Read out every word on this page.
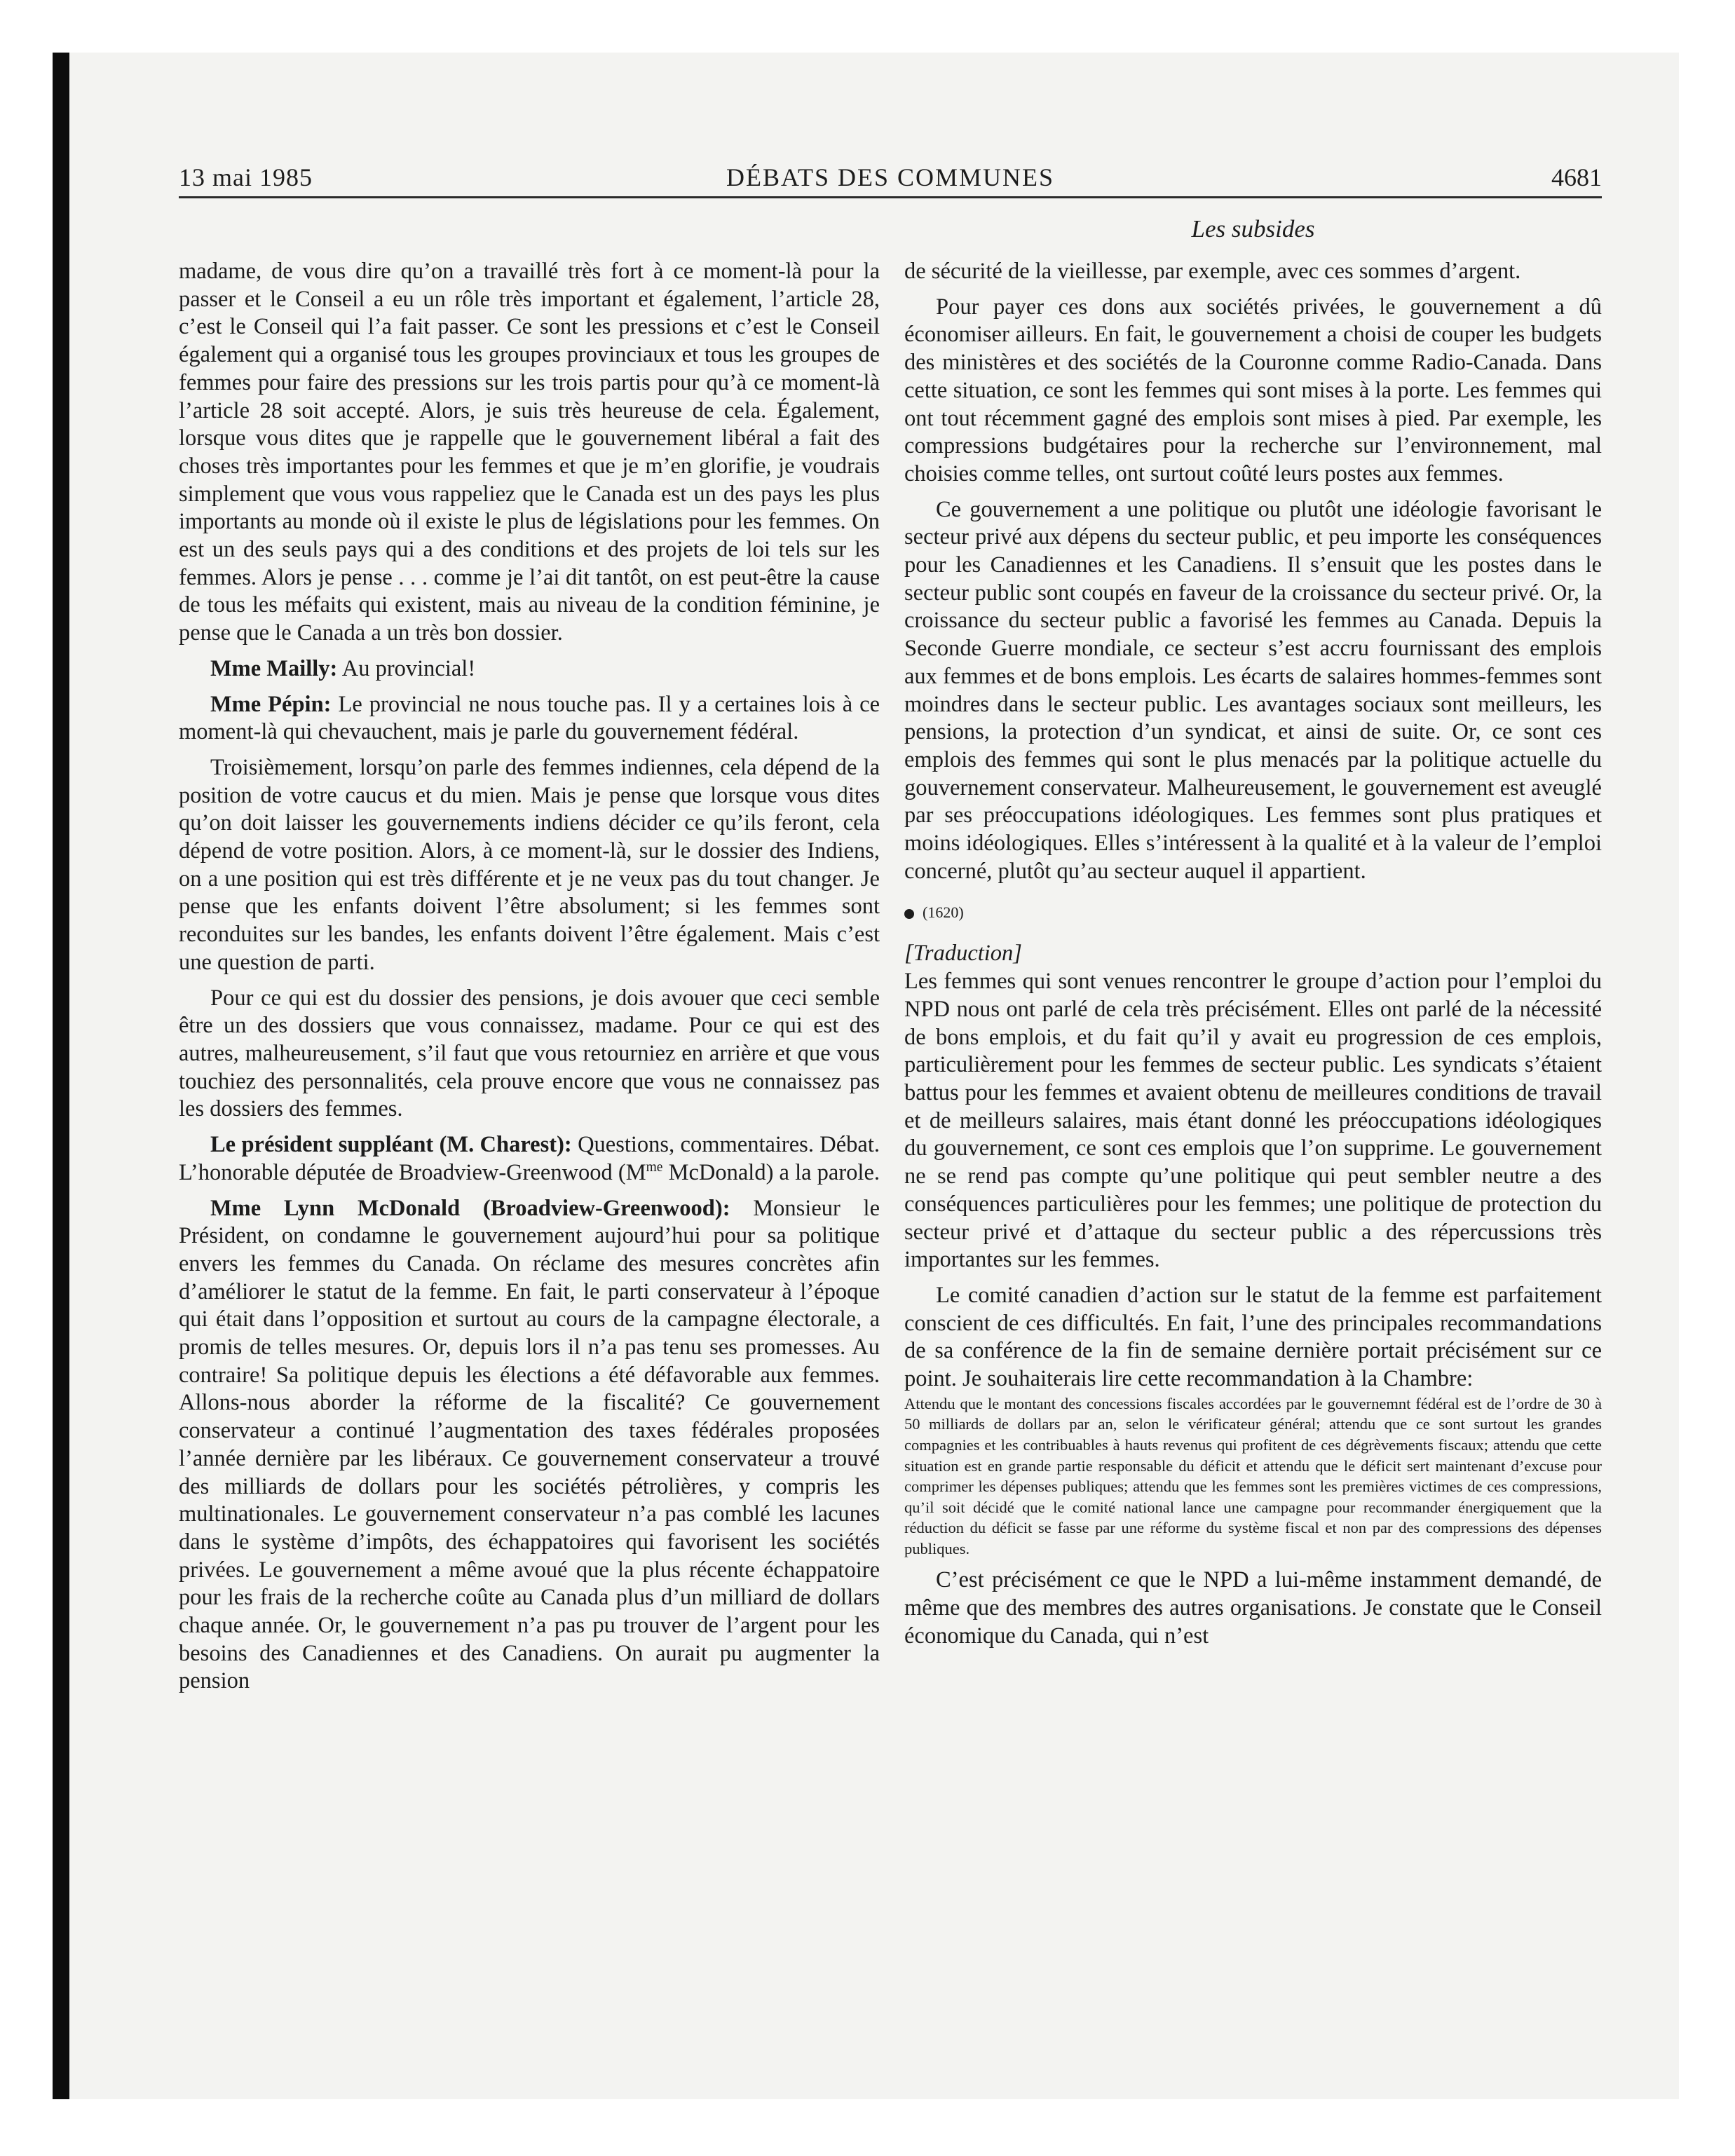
13 mai 1985	DÉBATS DES COMMUNES	4681
Les subsides

madame, de vous dire qu’on a travaillé très fort à ce moment-là pour la passer et le Conseil a eu un rôle très important et également, l’article 28, c’est le Conseil qui l’a fait passer. Ce sont les pressions et c’est le Conseil également qui a organisé tous les groupes provinciaux et tous les groupes de femmes pour faire des pressions sur les trois partis pour qu’à ce moment-là l’article 28 soit accepté. Alors, je suis très heureuse de cela. Également, lorsque vous dites que je rappelle que le gouvernement libéral a fait des choses très importantes pour les femmes et que je m’en glorifie, je voudrais simplement que vous vous rappeliez que le Canada est un des pays les plus importants au monde où il existe le plus de législations pour les femmes. On est un des seuls pays qui a des conditions et des projets de loi tels sur les femmes. Alors je pense . . . comme je l’ai dit tantôt, on est peut-être la cause de tous les méfaits qui existent, mais au niveau de la condition féminine, je pense que le Canada a un très bon dossier.

Mme Mailly: Au provincial!

Mme Pépin: Le provincial ne nous touche pas. Il y a certaines lois à ce moment-là qui chevauchent, mais je parle du gouvernement fédéral.

Troisièmement, lorsqu’on parle des femmes indiennes, cela dépend de la position de votre caucus et du mien. Mais je pense que lorsque vous dites qu’on doit laisser les gouvernements indiens décider ce qu’ils feront, cela dépend de votre position. Alors, à ce moment-là, sur le dossier des Indiens, on a une position qui est très différente et je ne veux pas du tout changer. Je pense que les enfants doivent l’être absolument; si les femmes sont reconduites sur les bandes, les enfants doivent l’être également. Mais c’est une question de parti.

Pour ce qui est du dossier des pensions, je dois avouer que ceci semble être un des dossiers que vous connaissez, madame. Pour ce qui est des autres, malheureusement, s’il faut que vous retourniez en arrière et que vous touchiez des personnalités, cela prouve encore que vous ne connaissez pas les dossiers des femmes.

Le président suppléant (M. Charest): Questions, commentaires. Débat. L’honorable députée de Broadview-Greenwood ($M^{me}$ McDonald) a la parole.

Mme Lynn McDonald (Broadview-Greenwood): Monsieur le Président, on condamne le gouvernement aujourd’hui pour sa politique envers les femmes du Canada. On réclame des mesures concrètes afin d’améliorer le statut de la femme. En fait, le parti conservateur à l’époque qui était dans l’opposition et surtout au cours de la campagne électorale, a promis de telles mesures. Or, depuis lors il n’a pas tenu ses promesses. Au contraire! Sa politique depuis les élections a été défavorable aux femmes. Allons-nous aborder la réforme de la fiscalité? Ce gouvernement conservateur a continué l’augmentation des taxes fédérales proposées l’année dernière par les libéraux. Ce gouvernement conservateur a trouvé des milliards de dollars pour les sociétés pétrolières, y compris les multinationales. Le gouvernement conservateur n’a pas comblé les lacunes dans le système d’impôts, des échappatoires qui favorisent les sociétés privées. Le gouvernement a même avoué que la plus récente échappatoire pour les frais de la recherche coûte au Canada plus d’un milliard de dollars chaque année. Or, le gouvernement n’a pas pu trouver de l’argent pour les besoins des Canadiennes et des Canadiens. On aurait pu augmenter la pension

de sécurité de la vieillesse, par exemple, avec ces sommes d’argent.

Pour payer ces dons aux sociétés privées, le gouvernement a dû économiser ailleurs. En fait, le gouvernement a choisi de couper les budgets des ministères et des sociétés de la Couronne comme Radio-Canada. Dans cette situation, ce sont les femmes qui sont mises à la porte. Les femmes qui ont tout récemment gagné des emplois sont mises à pied. Par exemple, les compressions budgétaires pour la recherche sur l’environnement, mal choisies comme telles, ont surtout coûté leurs postes aux femmes.

Ce gouvernement a une politique ou plutôt une idéologie favorisant le secteur privé aux dépens du secteur public, et peu importe les conséquences pour les Canadiennes et les Canadiens. Il s’ensuit que les postes dans le secteur public sont coupés en faveur de la croissance du secteur privé. Or, la croissance du secteur public a favorisé les femmes au Canada. Depuis la Seconde Guerre mondiale, ce secteur s’est accru fournissant des emplois aux femmes et de bons emplois. Les écarts de salaires hommes-femmes sont moindres dans le secteur public. Les avantages sociaux sont meilleurs, les pensions, la protection d’un syndicat, et ainsi de suite. Or, ce sont ces emplois des femmes qui sont le plus menacés par la politique actuelle du gouvernement conservateur. Malheureusement, le gouvernement est aveuglé par ses préoccupations idéologiques. Les femmes sont plus pratiques et moins idéologiques. Elles s’intéressent à la qualité et à la valeur de l’emploi concerné, plutôt qu’au secteur auquel il appartient.

(1620)

[Traduction]

Les femmes qui sont venues rencontrer le groupe d’action pour l’emploi du NPD nous ont parlé de cela très précisément. Elles ont parlé de la nécessité de bons emplois, et du fait qu’il y avait eu progression de ces emplois, particulièrement pour les femmes de secteur public. Les syndicats s’étaient battus pour les femmes et avaient obtenu de meilleures conditions de travail et de meilleurs salaires, mais étant donné les préoccupations idéologiques du gouvernement, ce sont ces emplois que l’on supprime. Le gouvernement ne se rend pas compte qu’une politique qui peut sembler neutre a des conséquences particulières pour les femmes; une politique de protection du secteur privé et d’attaque du secteur public a des répercussions très importantes sur les femmes.

Le comité canadien d’action sur le statut de la femme est parfaitement conscient de ces difficultés. En fait, l’une des principales recommandations de sa conférence de la fin de semaine dernière portait précisément sur ce point. Je souhaiterais lire cette recommandation à la Chambre:

Attendu que le montant des concessions fiscales accordées par le gouvernemnt fédéral est de l’ordre de 30 à 50 milliards de dollars par an, selon le vérificateur général; attendu que ce sont surtout les grandes compagnies et les contribuables à hauts revenus qui profitent de ces dégrèvements fiscaux; attendu que cette situation est en grande partie responsable du déficit et attendu que le déficit sert maintenant d’excuse pour comprimer les dépenses publiques; attendu que les femmes sont les premières victimes de ces compressions, qu’il soit décidé que le comité national lance une campagne pour recommander énergiquement que la réduction du déficit se fasse par une réforme du système fiscal et non par des compressions des dépenses publiques.

C’est précisément ce que le NPD a lui-même instamment demandé, de même que des membres des autres organisations. Je constate que le Conseil économique du Canada, qui n’est
